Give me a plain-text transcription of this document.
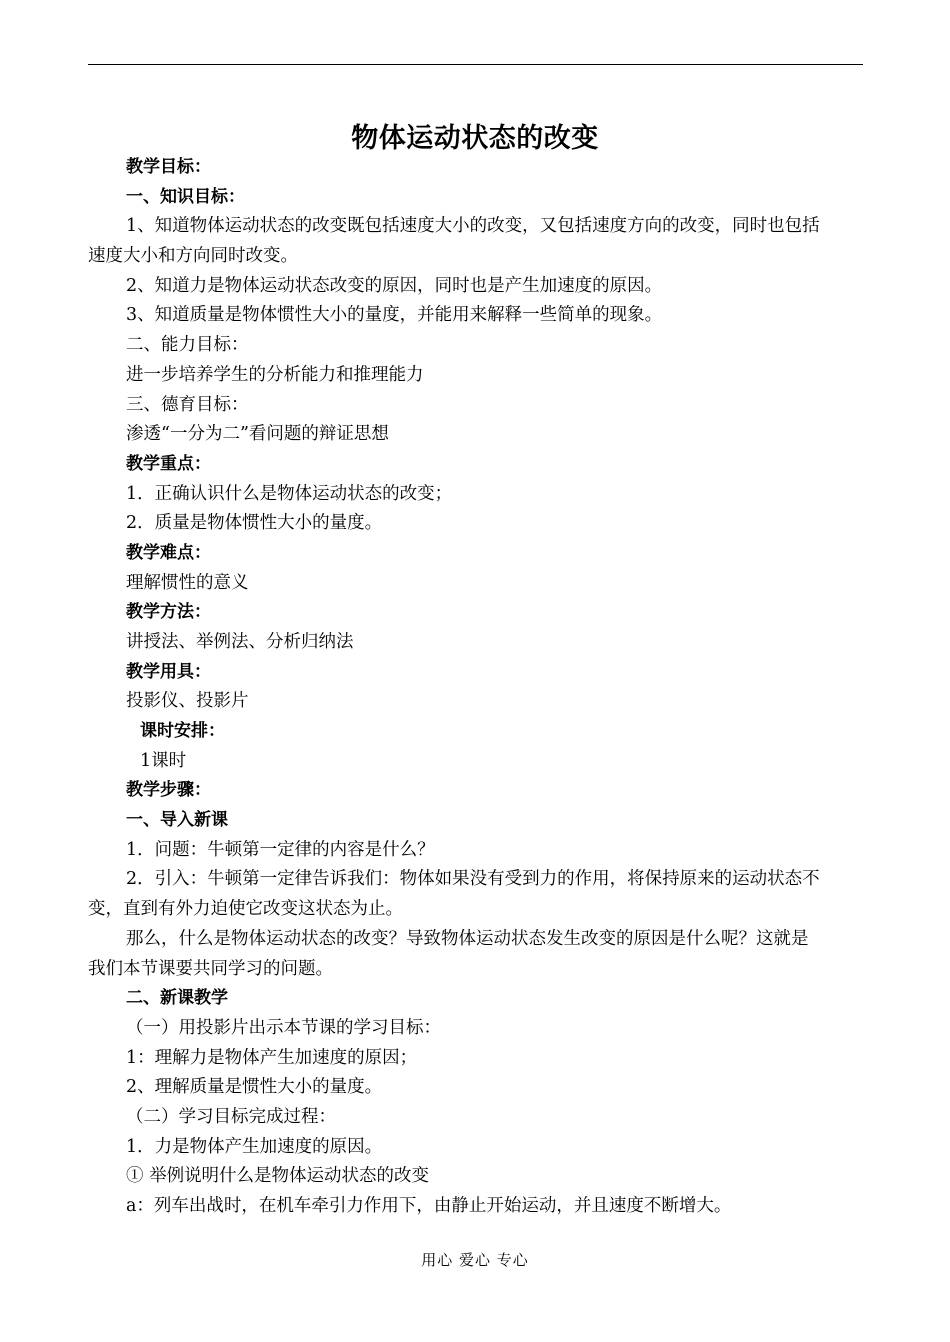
物体运动状态的改变
教学目标：
一、知识目标：
1、知道物体运动状态的改变既包括速度大小的改变，又包括速度方向的改变，同时也包括
速度大小和方向同时改变。
2、知道力是物体运动状态改变的原因，同时也是产生加速度的原因。
3、知道质量是物体惯性大小的量度，并能用来解释一些简单的现象。
二、能力目标：
进一步培养学生的分析能力和推理能力
三、德育目标：
渗透“一分为二”看问题的辩证思想
教学重点：
1．正确认识什么是物体运动状态的改变；
2．质量是物体惯性大小的量度。
教学难点：
理解惯性的意义
教学方法：
讲授法、举例法、分析归纳法
教学用具：
投影仪、投影片
课时安排：
1课时
教学步骤：
一、导入新课
1．问题：牛顿第一定律的内容是什么？
2．引入：牛顿第一定律告诉我们：物体如果没有受到力的作用，将保持原来的运动状态不
变，直到有外力迫使它改变这状态为止。
那么，什么是物体运动状态的改变？导致物体运动状态发生改变的原因是什么呢？这就是
我们本节课要共同学习的问题。
二、新课教学
（一）用投影片出示本节课的学习目标：
1：理解力是物体产生加速度的原因；
2、理解质量是惯性大小的量度。
（二）学习目标完成过程：
1．力是物体产生加速度的原因。
① 举例说明什么是物体运动状态的改变
a：列车出战时，在机车牵引力作用下，由静止开始运动，并且速度不断增大。
用心 爱心 专心
